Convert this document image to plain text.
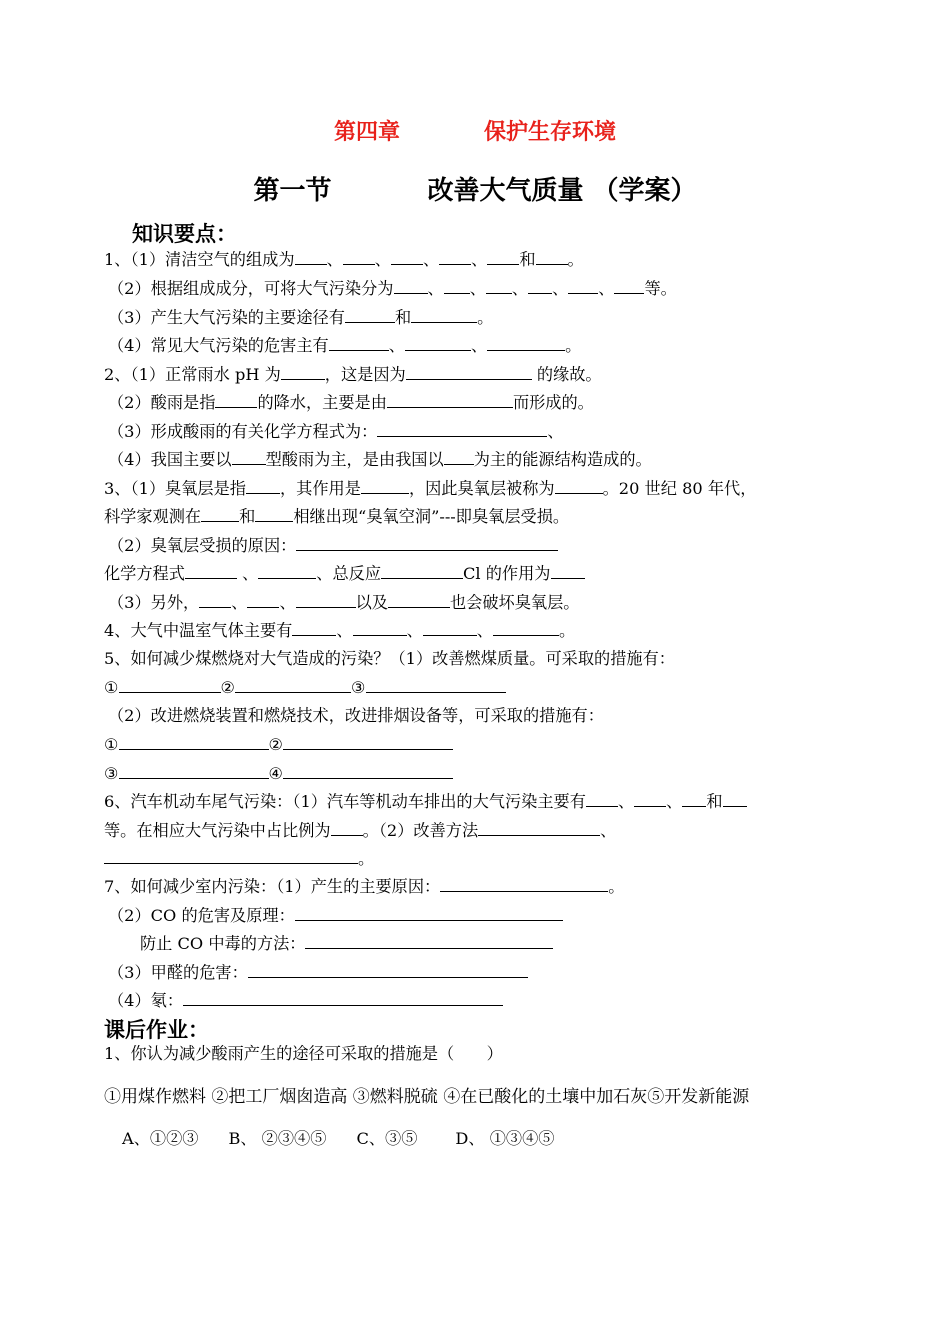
第四章	保护生存环境
第一节	改善大气质量 （学案）
知识要点：
1、（1）清洁空气的组成为 、 、 、 、 和 。
（2）根据组成成分，可将大气污染分为 、 、 、 、 、 等。
（3）产生大气污染的主要途径有	和	。
（4）常见大气污染的危害主有	、	、	。
2、（1）正常雨水 pH 为	，这是因为	的缘故。
（2）酸雨是指	的降水，主要是由	而形成的。
（3）形成酸雨的有关化学方程式为：	、
（4）我国主要以 型酸雨为主，是由我国以 为主的能源结构造成的。
3、（1）臭氧层是指 ，其作用是	，因此臭氧层被称为	。20 世纪 80 年代，
科学家观测在 和 相继出现“臭氧空洞”---即臭氧层受损。
（2）臭氧层受损的原因：
化学方程式	、	、总反应	Cl 的作用为
（3）另外， 、 、	以及	也会破坏臭氧层。
4、大气中温室气体主要有	、	、	、	。
5、如何减少煤燃烧对大气造成的污染？（1）改善燃煤质量。可采取的措施有：
①	②	③
（2）改进燃烧装置和燃烧技术，改进排烟设备等，可采取的措施有：
①	②
③	④
6、汽车机动车尾气污染：（1）汽车等机动车排出的大气污染主要有 、 、 和
等。在相应大气污染中占比例为 。（2）改善方法	、
。
7、如何减少室内污染：（1）产生的主要原因：	。
（2）CO 的危害及原理：
防止 CO 中毒的方法：
（3）甲醛的危害：
（4）氡：
课后作业：
1、你认为减少酸雨产生的途径可采取的措施是（　　）
①用煤作燃料 ②把工厂烟囱造高 ③燃料脱硫 ④在已酸化的土壤中加石灰⑤开发新能源
A、①②③ B、 ②③④⑤ C、③⑤ D、 ①③④⑤
